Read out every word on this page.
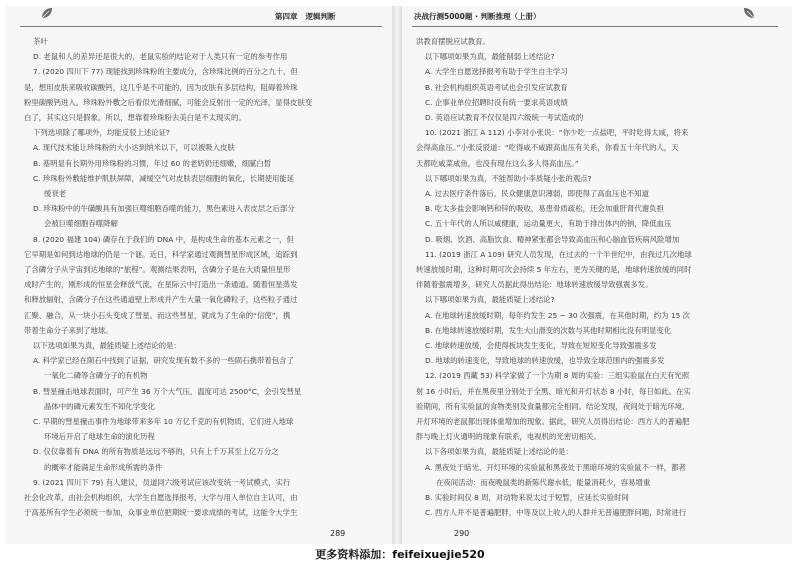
第四章 逻辑判断	决战行测5000题 · 判断推理（上册）

茶叶

D. 老鼠和人的差异还是很大的，老鼠实验的结论对于人类只有一定的参考作用

7. (2020 四川下 77) 现能找到珍珠粉的主要成分，含珍珠比例的百分之九十，但

是，想用皮肤来吸收碳酸钙，这几乎是不可能的，因为皮肤有多层结构，阻碍着珍珠

粉里碳酸钙进入。珍珠粉外敷之后看似光滑细腻，可能会反射出一定的光泽，显得皮肤变

白了，其实这只是假象。所以，想靠着珍珠粉去美白是不太现实的。

下列选项除了哪项外，均能反驳上述论证?

A. 现代技术能让珍珠粉的大小达到纳米以下，可以被吸入皮肤

B. 基明显有长期外用珍珠粉的习惯，年过 60 的老奶奶还细嫩，细腻白皙

C. 珍珠粉外敷能维护肌肤屏障，减缓空气对皮肤表层细胞的氧化，长期使用能延

缓衰老

D. 珍珠粉中的牛磺酸具有加强巨噬细胞吞噬的能力，黑色素进入表皮层之后部分

会被巨噬细胞吞噬降解

8. (2020 福建 104) 磷存在于我们的 DNA 中，是构成生命的基本元素之一，但

它早期是如何到达地球的仍是一个谜。近日，科学家通过观测彗星形成区域，追踪到

了含磷分子从宇宙到达地球的“旅程”。观测结果表明，含磷分子是在大质量恒星形

成时产生的，刚形成的恒星会释放气流，在星际云中打造出一条通道。随着恒星蒸发

和释放辐射，含磷分子在这些通道壁上形成并产生大量一氧化磷粒子，这些粒子通过

汇聚、融合，从一块小石头变成了彗星。而这些彗星，就成为了生命的“信使”，携

带着生命分子来到了地球。

以下选项如果为真，最能质疑上述结论的是：

A. 科学家已经在陨石中找到了证据，研究发现有数不多的一些陨石携带着包含了

一氧化二磷等含磷分子的有机物

B. 彗星撞击地球表面时，可产生 36 万个大气压，温度可达 2500°C，会引发彗星

晶体中的磷元素发生不知化学变化

C. 早期的彗星撞击事件为地球带来多年 10 万亿千克的有机物质，它们进入地球

环境后开启了地球生命的演化历程

D. 仅仅靠着有 DNA 的所有物质是远远不够的，只有上千万其至上亿万分之

的概率才能满足生命形成所需的条件

9. (2021 四川下 79) 有人建议，员道同六级考试应该改变统一考试模式，实行

社会化改革，由社会机构组织，大学生自愿选择报考，大学与用人单位自主认可，由

于高基所有学生必须统一参加，众事业单位把期统一要求成绩的考试，这能令大学生

289

洪教育摆脱应试教育。

以下哪项如果为真，最能削弱上述结论?

A. 大学生自愿选择报考有助于学生自主学习

B. 社会机构组织英语考试也会引发应试教育

C. 企事业单位招聘时没有统一要求英语成绩

D. 英语应试教育不仅仅是四六级统一考试造成的

10. (2021 浙江 A 112) 小李对小张说：“你少吃一点盐吧，平时吃得太咸，将来

会得高血压。”小张反驳道：“吃得咸不咸跟高血压有关系，你看五十年代的人，天

天都吃咸菜咸鱼，也没有现在这么多人得高血压。”

以下哪项如果为真，不能帮助小李质疑小张的观点?

A. 过去医疗条件落后，民众健康意识薄弱，即使得了高血压也不知道

B. 吃太多盐会影响钙和锌的吸收，易患骨质疏松，还会加重肝肾代谢负担

C. 五十年代的人所以咸健康，运动量更大，有助于排出体内的钠，降低血压

D. 吸烟、饮酒、高脂饮食、精神紧张都会导致高血压和心脑血管疾病风险增加

11. (2019 浙江 A 109) 研究人员发现，在过去的一个半世纪中，由我过几次地球

转速放缓时期，这种时期可次会持续 5 年左右，更为关键的是，地球转速放缓的同时

伴随着强震增多，研究人员据此得出结论：地球转速放缓导致强震多发。

以下哪项如果为真，最能质疑上述结论?

A. 在地球转速放缓时期，每年约发生 25 ~ 30 次强震，在其他时期，约为 15 次

B. 在地球转速放缓时期，发生大山滑变的次数与其他时期相比没有明显变化

C. 地球转速放缓，会使得板块发生变化，导致在短短变化导致强震多发

D. 地球的转速变化，导致地球的转速放缓，也导致全球范围内的强震多发

12. (2019 西藏 53) 科学家做了一个为期 8 周的实验：三组实验鼠在白天有光照

射 16 小时后，并在黑夜里分别处于全黑、暗光和开灯状态 8 小时，每日如此。在实

验期间，所有实验鼠的食物类别及食量都完全相同。结论发现，夜间处于暗光环境、

开灯环境的老鼠都出现体重增加的现象。据此，研究人员得出结论：西方人的普遍肥

胖与晚上灯火通明的现象有联系，电视机的光密切相关。

以下各项如果为真，最能质疑上述结论的是：

A. 黑夜处于暗光、开灯环境的实验鼠和黑夜处于黑暗环境的实验鼠不一样，都者

在夜间活动：而夜晚鼠类的新陈代谢水低，能量消耗少，容易增重

B. 实验时间仅 8 周，对动物来说太过于短暂，应延长实验时间

C. 西方人并不是普遍肥胖，中等及以上收入的人群并无普遍肥胖问题，时常进行

290
更多资料添加：feifeixuejie520
